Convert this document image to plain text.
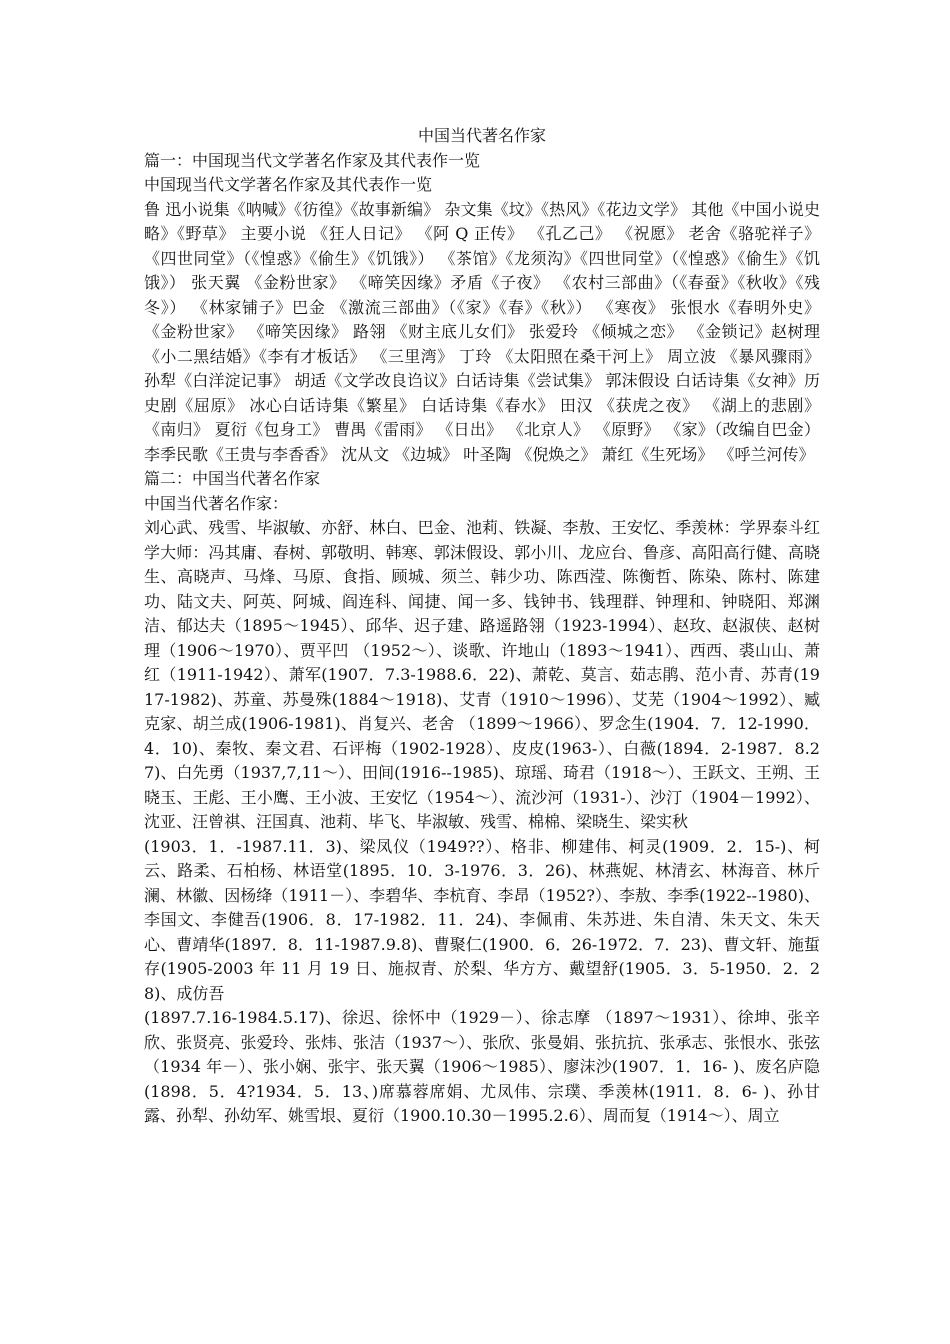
中国当代著名作家

篇一：中国现当代文学著名作家及其代表作一览

中国现当代文学著名作家及其代表作一览

鲁 迅小说集《呐喊》《彷徨》《故事新编》 杂文集《坟》《热风》《花边文学》 其他《中国小说史略》《野草》 主要小说 《狂人日记》 《阿 Q 正传》 《孔乙己》 《祝愿》 老舍《骆驼祥子》 《四世同堂》（《惶惑》《偷生》《饥饿》） 《茶馆》《龙须沟》《四世同堂》（《惶惑》《偷生》《饥饿》） 张天翼 《金粉世家》 《啼笑因缘》矛盾《子夜》 《农村三部曲》（《春蚕》《秋收》《残冬》） 《林家铺子》巴金 《激流三部曲》（《家》《春》《秋》） 《寒夜》 张恨水《春明外史》 《金粉世家》 《啼笑因缘》 路翎 《财主底儿女们》 张爱玲 《倾城之恋》 《金锁记》赵树理 《小二黑结婚》《李有才板话》 《三里湾》 丁玲 《太阳照在桑干河上》 周立波 《暴风骤雨》 孙犁《白洋淀记事》 胡适《文学改良诌议》白话诗集《尝试集》 郭沫假设 白话诗集《女神》历史剧《屈原》 冰心白话诗集《繁星》 白话诗集《春水》 田汉 《获虎之夜》 《湖上的悲剧》 《南归》 夏衍《包身工》 曹禺《雷雨》 《日出》 《北京人》 《原野》 《家》（改编自巴金） 李季民歌《王贵与李香香》 沈从文 《边城》 叶圣陶 《倪焕之》 萧红《生死场》 《呼兰河传》

篇二：中国当代著名作家

中国当代著名作家：

刘心武、残雪、毕淑敏、亦舒、林白、巴金、池莉、铁凝、李敖、王安忆、季羡林：学界泰斗红学大师：冯其庸、春树、郭敬明、韩寒、郭沫假设、郭小川、龙应台、鲁彦、高阳高行健、高晓生、高晓声、马烽、马原、食指、顾城、须兰、韩少功、陈西滢、陈衡哲、陈染、陈村、陈建功、陆文夫、阿英、阿城、阎连科、闻捷、闻一多、钱钟书、钱理群、钟理和、钟晓阳、郑渊洁、郁达夫（1895～1945）、邱华、迟子建、路遥路翎（1923-1994）、赵玫、赵淑侠、赵树理（1906～1970）、贾平凹 （1952～）、谈歌、许地山（1893～1941）、西西、裘山山、萧红（1911-1942）、萧军(1907．7.3-1988.6．22)、萧乾、莫言、茹志鹃、范小青、苏青(1917-1982)、苏童、苏曼殊(1884～1918)、艾青（1910～1996）、艾芜（1904～1992）、臧克家、胡兰成(1906-1981)、肖复兴、老舍 （1899～1966）、罗念生(1904．7．12-1990．4．10)、秦牧、秦文君、石评梅（1902-1928）、皮皮(1963-）、白薇(1894．2-1987．8.27)、白先勇（1937,7,11～）、田间(1916--1985)、琼瑶、琦君（1918～）、王跃文、王朔、王晓玉、王彪、王小鹰、王小波、王安忆（1954～）、流沙河（1931-）、沙汀（1904－1992）、沈亚、汪曾祺、汪国真、池莉、毕飞、毕淑敏、残雪、棉棉、梁晓生、梁实秋

(1903．1．-1987.11．3)、梁凤仪（1949??）、格非、柳建伟、柯灵(1909．2．15-)、柯云、路柔、石柏杨、林语堂(1895．10．3-1976．3．26)、林燕妮、林清玄、林海音、林斤澜、林徽、因杨绛（1911－）、李碧华、李杭育、李昂（1952?）、李敖、李季(1922--1980)、李国文、李健吾(1906．8．17-1982．11．24)、李佩甫、朱苏进、朱自清、朱天文、朱天心、曹靖华(1897．8．11-1987.9.8)、曹聚仁(1900．6．26-1972．7．23)、曹文轩、施蜇存(1905-2003 年 11 月 19 日、施叔青、於梨、华方方、戴望舒(1905．3．5-1950．2．28)、成仿吾

(1897.7.16-1984.5.17)、徐迟、徐怀中（1929－）、徐志摩 （1897～1931）、徐坤、张辛欣、张贤亮、张爱玲、张炜、张洁（1937～）、张欣、张曼娟、张抗抗、张承志、张恨水、张弦（1934 年－）、张小娴、张宇、张天翼（1906～1985）、廖沫沙(1907．1．16- )、废名庐隐(1898．5．4?1934．5．13、)席慕蓉席娟、尤凤伟、宗璞、季羡林(1911．8．6- )、孙甘露、孙犁、孙幼军、姚雪垠、夏衍（1900.10.30－1995.2.6）、周而复（1914～）、周立
